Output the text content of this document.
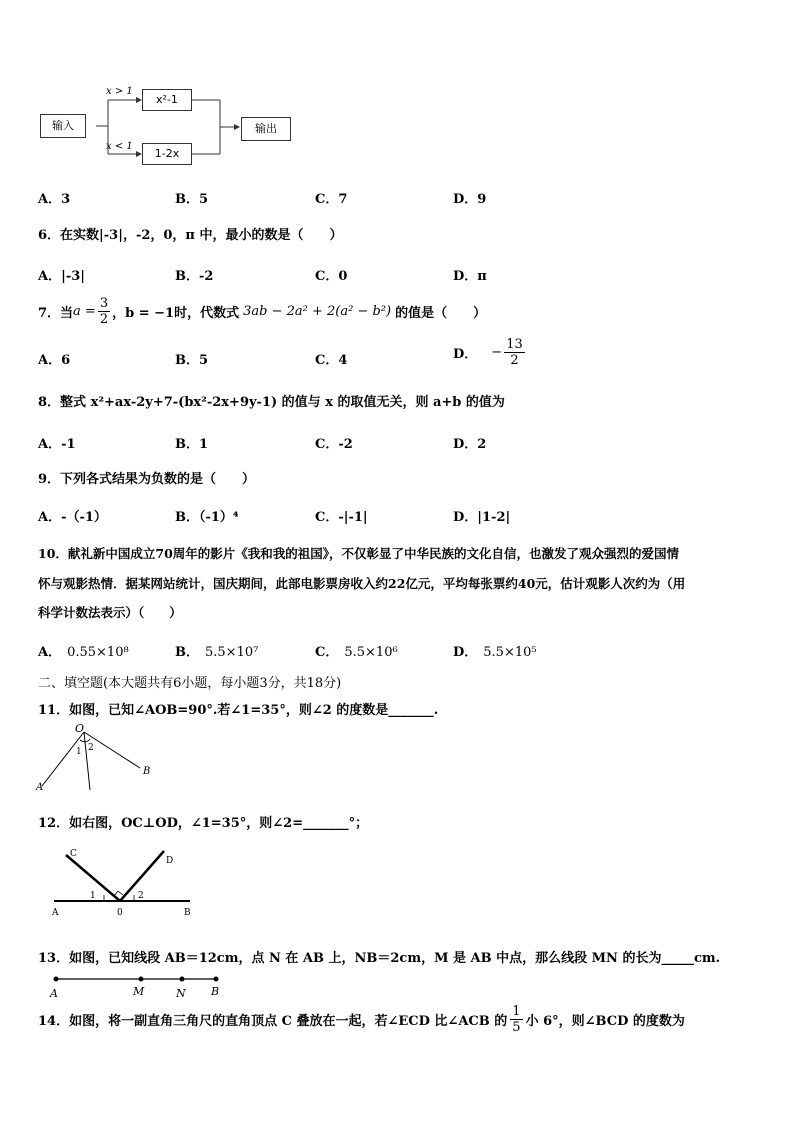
输入
x²-1
1-2x
输出
x > 1
x < 1
A．3	B．5	C．7	D．9
6．在实数|-3|，-2，0，π 中，最小的数是（　　）
A．|-3|	B．-2	C．0	D．π
7．当 $a = \frac{3}{2}$ ，b = −1时，代数式 3ab − 2a² + 2(a² − b²) 的值是（　　）
A．6	B．5	C．4	D． − $\frac{13}{2}$
8．整式 x²+ax-2y+7-(bx²-2x+9y-1) 的值与 x 的取值无关，则 a+b 的值为
A．-1	B．1	C．-2	D．2
9．下列各式结果为负数的是（　　）
A．-（-1）	B．（-1）⁴	C．-|-1|	D．|1-2|
10．献礼新中国成立70周年的影片《我和我的祖国》，不仅彰显了中华民族的文化自信，也激发了观众强烈的爱国情
怀与观影热情．据某网站统计，国庆期间，此部电影票房收入约22亿元，平均每张票约40元，估计观影人次约为（用
科学计数法表示）（　　）
A． 0.55×10⁸	B． 5.5×10⁷	C． 5.5×10⁶	D． 5.5×10⁵
二、填空题(本大题共有6小题，每小题3分，共18分)
11．如图，已知∠AOB=90°.若∠1=35°，则∠2 的度数是_______.
O
A
B
1 2
12．如右图，OC⊥OD，∠1=35°，则∠2=_______°；
C
D
A	B
0
1	2
13．如图，已知线段 AB＝12cm，点 N 在 AB 上，NB＝2cm，M 是 AB 中点，那么线段 MN 的长为_____cm.
A	M	N B
14．如图，将一副直角三角尺的直角顶点 C 叠放在一起，若∠ECD 比∠ACB 的 $\frac{1}{5}$ 小 6°，则∠BCD 的度数为
